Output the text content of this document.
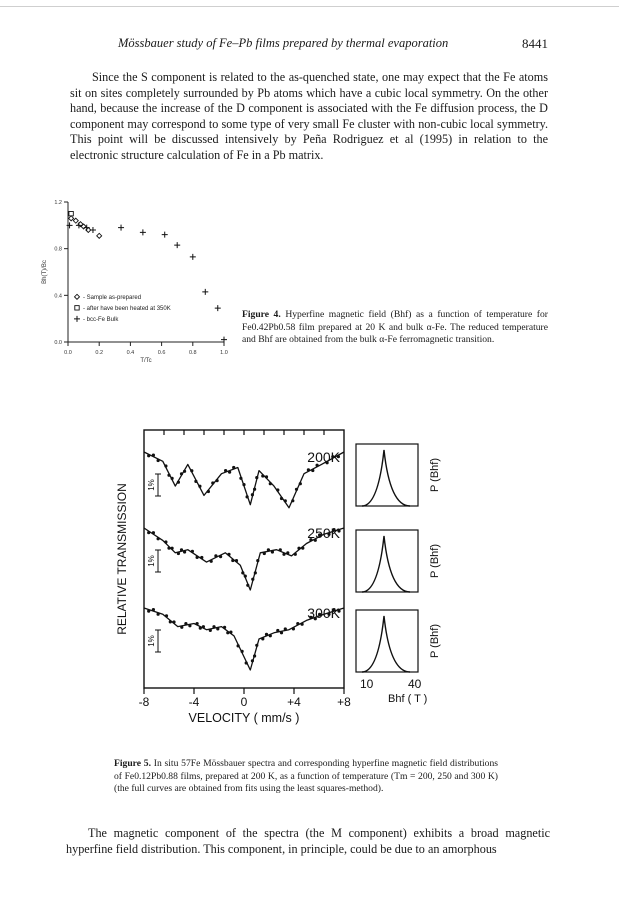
Mössbauer study of Fe–Pb films prepared by thermal evaporation	8441
Since the S component is related to the as-quenched state, one may expect that the Fe atoms sit on sites completely surrounded by Pb atoms which have a cubic local symmetry. On the other hand, because the increase of the D component is associated with the Fe diffusion process, the D component may correspond to some type of very small Fe cluster with non-cubic local symmetry. This point will be discussed intensively by Peña Rodriguez et al (1995) in relation to the electronic structure calculation of Fe in a Pb matrix.
0.0	0.2	0.4	0.6	0.8	1.0
0.0
0.4
0.8
1.2
T/Tc
Bh(T)/Bc
- Sample as-prepared
- after have been heated at 350K
- bcc-Fe Bulk	Figure 4. Hyperfine magnetic field (Bhf) as a function of temperature for Fe0.42Pb0.58 film prepared at 20 K and bulk α-Fe. The reduced temperature and Bhf are obtained from the bulk α-Fe ferromagnetic transition.
200K
1%
250K
1%
300K
1%
-8	-4	0	+4	+8
VELOCITY ( mm/s )
RELATIVE TRANSMISSION
P (Bhf)
P (Bhf)
P (Bhf)
10	40
Bhf ( T )
Figure 5. In situ 57Fe Mössbauer spectra and corresponding hyperfine magnetic field distributions of Fe0.12Pb0.88 films, prepared at 200 K, as a function of temperature (Tm = 200, 250 and 300 K) (the full curves are obtained from fits using the least squares-method).
The magnetic component of the spectra (the M component) exhibits a broad magnetic hyperfine field distribution. This component, in principle, could be due to an amorphous
